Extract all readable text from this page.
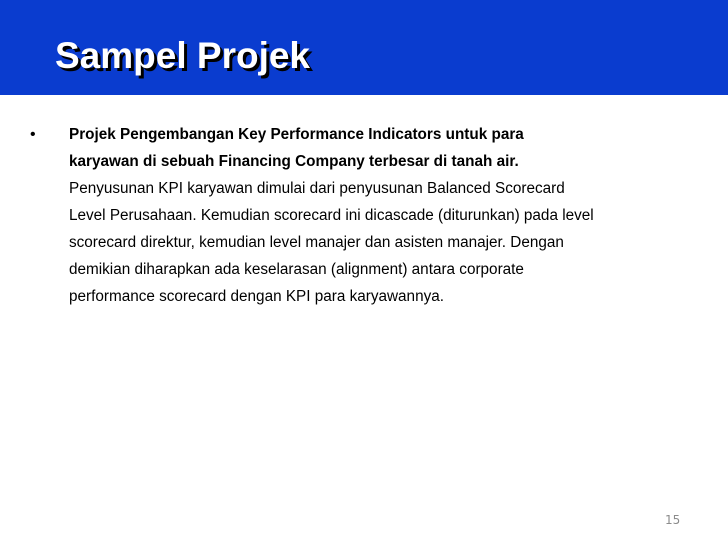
Sampel Projek
• Projek Pengembangan Key Performance Indicators untuk para
karyawan di sebuah Financing Company terbesar di tanah air.
Penyusunan KPI karyawan dimulai dari penyusunan Balanced Scorecard
Level Perusahaan. Kemudian scorecard ini dicascade (diturunkan) pada level
scorecard direktur, kemudian level manajer dan asisten manajer. Dengan
demikian diharapkan ada keselarasan (alignment) antara corporate
performance scorecard dengan KPI para karyawannya.
15
